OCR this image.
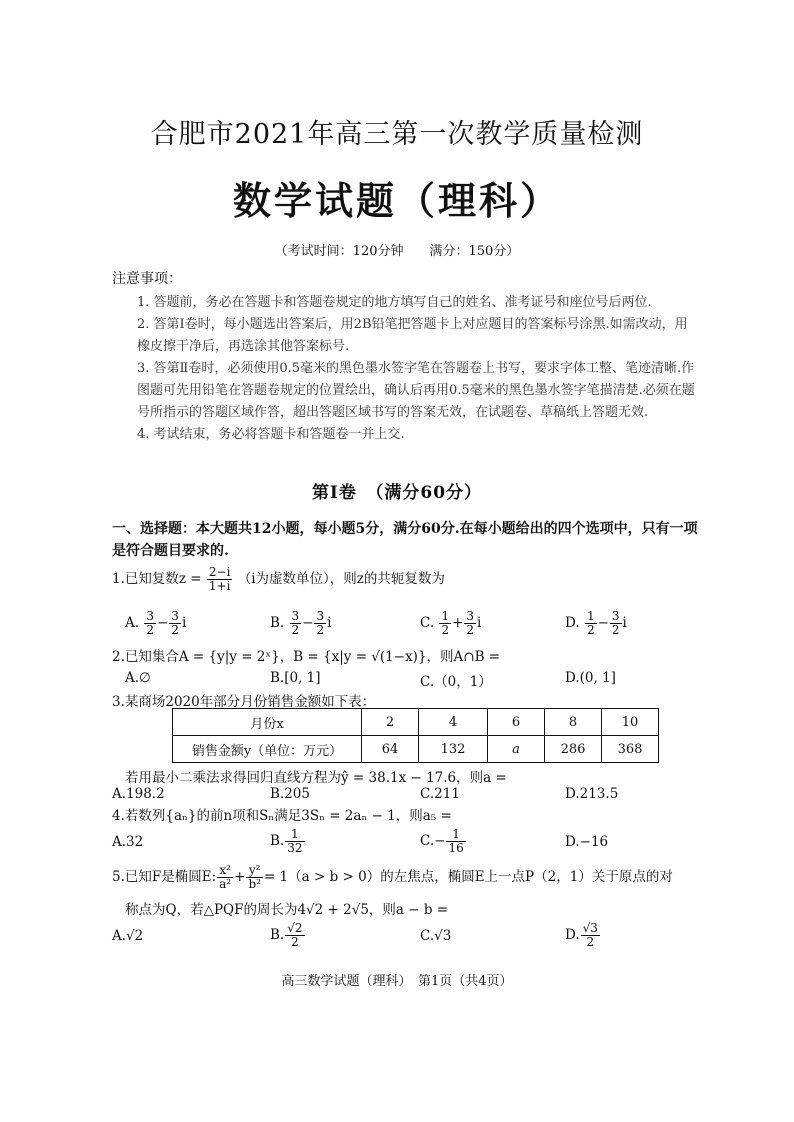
合肥市2021年高三第一次教学质量检测
数学试题（理科）
（考试时间：120分钟　　满分：150分）
注意事项：
1. 答题前，务必在答题卡和答题卷规定的地方填写自己的姓名、准考证号和座位号后两位.
2. 答第Ⅰ卷时，每小题选出答案后，用2B铅笔把答题卡上对应题目的答案标号涂黑.如需改动，用橡皮擦干净后，再选涂其他答案标号.
3. 答第Ⅱ卷时，必须使用0.5毫米的黑色墨水签字笔在答题卷上书写，要求字体工整、笔迹清晰.作图题可先用铅笔在答题卷规定的位置绘出，确认后再用0.5毫米的黑色墨水签字笔描清楚.必须在题号所指示的答题区域作答，超出答题区域书写的答案无效，在试题卷、草稿纸上答题无效.
4. 考试结束，务必将答题卡和答题卷一并上交.
第Ⅰ卷　（满分60分）
一、选择题：本大题共12小题，每小题5分，满分60分.在每小题给出的四个选项中，只有一项是符合题目要求的.
1.已知复数$z = \frac{2-i}{1+i} (i$为虚数单位），则z的共轭复数为
A. $\frac{3}{2} - \frac{3}{2}$ i	B. $\frac{3}{2} - \frac{3}{2}$ i	C. $\frac{1}{2} + \frac{3}{2}$ i	D. $\frac{1}{2} - \frac{3}{2}$ i
2.已知集合A = {y|y = 2ˣ}，B = {x|y = √(1−x)}，则A∩B =
A.∅	B.[0, 1]	C.（0，1）	D.(0, 1]
3.某商场2020年部分月份销售金额如下表：
月份x	2	4	6	8	10
销售金额y（单位：万元）	64	132	a	286	368
若用最小二乘法求得回归直线方程为ŷ = 38.1x − 17.6，则a =
A.198.2	B.205	C.211	D.213.5
4.若数列{aₙ}的前n项和Sₙ满足3Sₙ = 2aₙ − 1，则a₅ =
A.32	B. $\frac{1}{32}$	$C.- \frac{1}{16}$	D.−16
5.已知F是椭圆E: $\frac{\text{x²}}{\text{a²}} + \frac{\text{y²}}{\text{b²}} = 1(a > b > 0)$的左焦点，椭圆E上一点P（2，1）关于原点的对
称点为Q，若△PQF的周长为4√2 + 2√5，则a − b =
A.√2	B. $\frac{√2}{2}$	C.√3	D. $\frac{√3}{2}$
高三数学试题（理科）　第1页（共4页）
